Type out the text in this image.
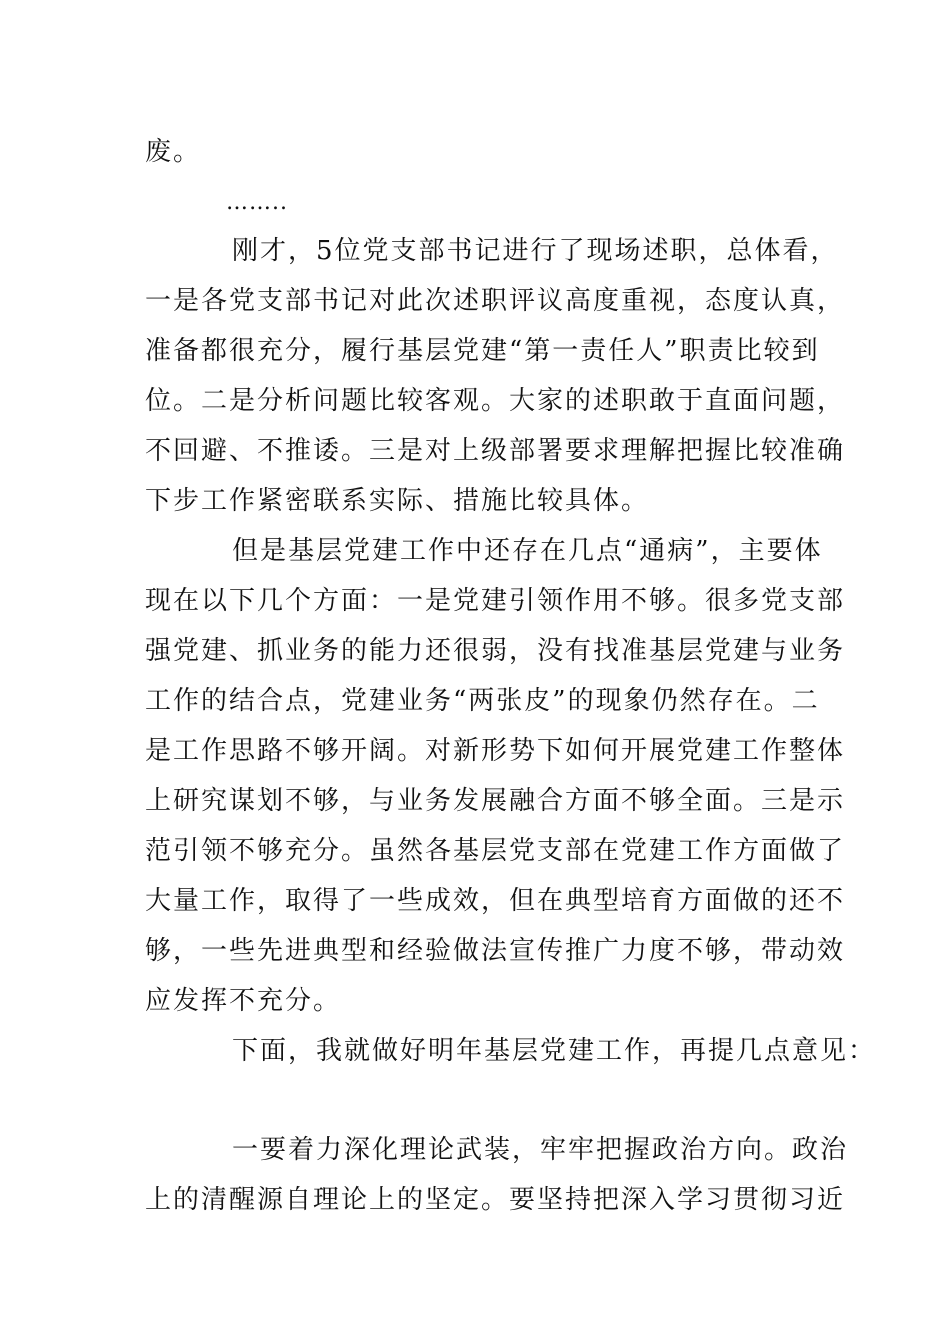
废。
……..
刚才，5位党支部书记进行了现场述职，总体看，
一是各党支部书记对此次述职评议高度重视，态度认真，
准备都很充分，履行基层党建“第一责任人”职责比较到
位。二是分析问题比较客观。大家的述职敢于直面问题，
不回避、不推诿。三是对上级部署要求理解把握比较准确
下步工作紧密联系实际、措施比较具体。
但是基层党建工作中还存在几点“通病”，主要体
现在以下几个方面：一是党建引领作用不够。很多党支部
强党建、抓业务的能力还很弱，没有找准基层党建与业务
工作的结合点，党建业务“两张皮”的现象仍然存在。二
是工作思路不够开阔。对新形势下如何开展党建工作整体
上研究谋划不够，与业务发展融合方面不够全面。三是示
范引领不够充分。虽然各基层党支部在党建工作方面做了
大量工作，取得了一些成效，但在典型培育方面做的还不
够，一些先进典型和经验做法宣传推广力度不够，带动效
应发挥不充分。
下面，我就做好明年基层党建工作，再提几点意见：
一要着力深化理论武装，牢牢把握政治方向。政治
上的清醒源自理论上的坚定。要坚持把深入学习贯彻习近
